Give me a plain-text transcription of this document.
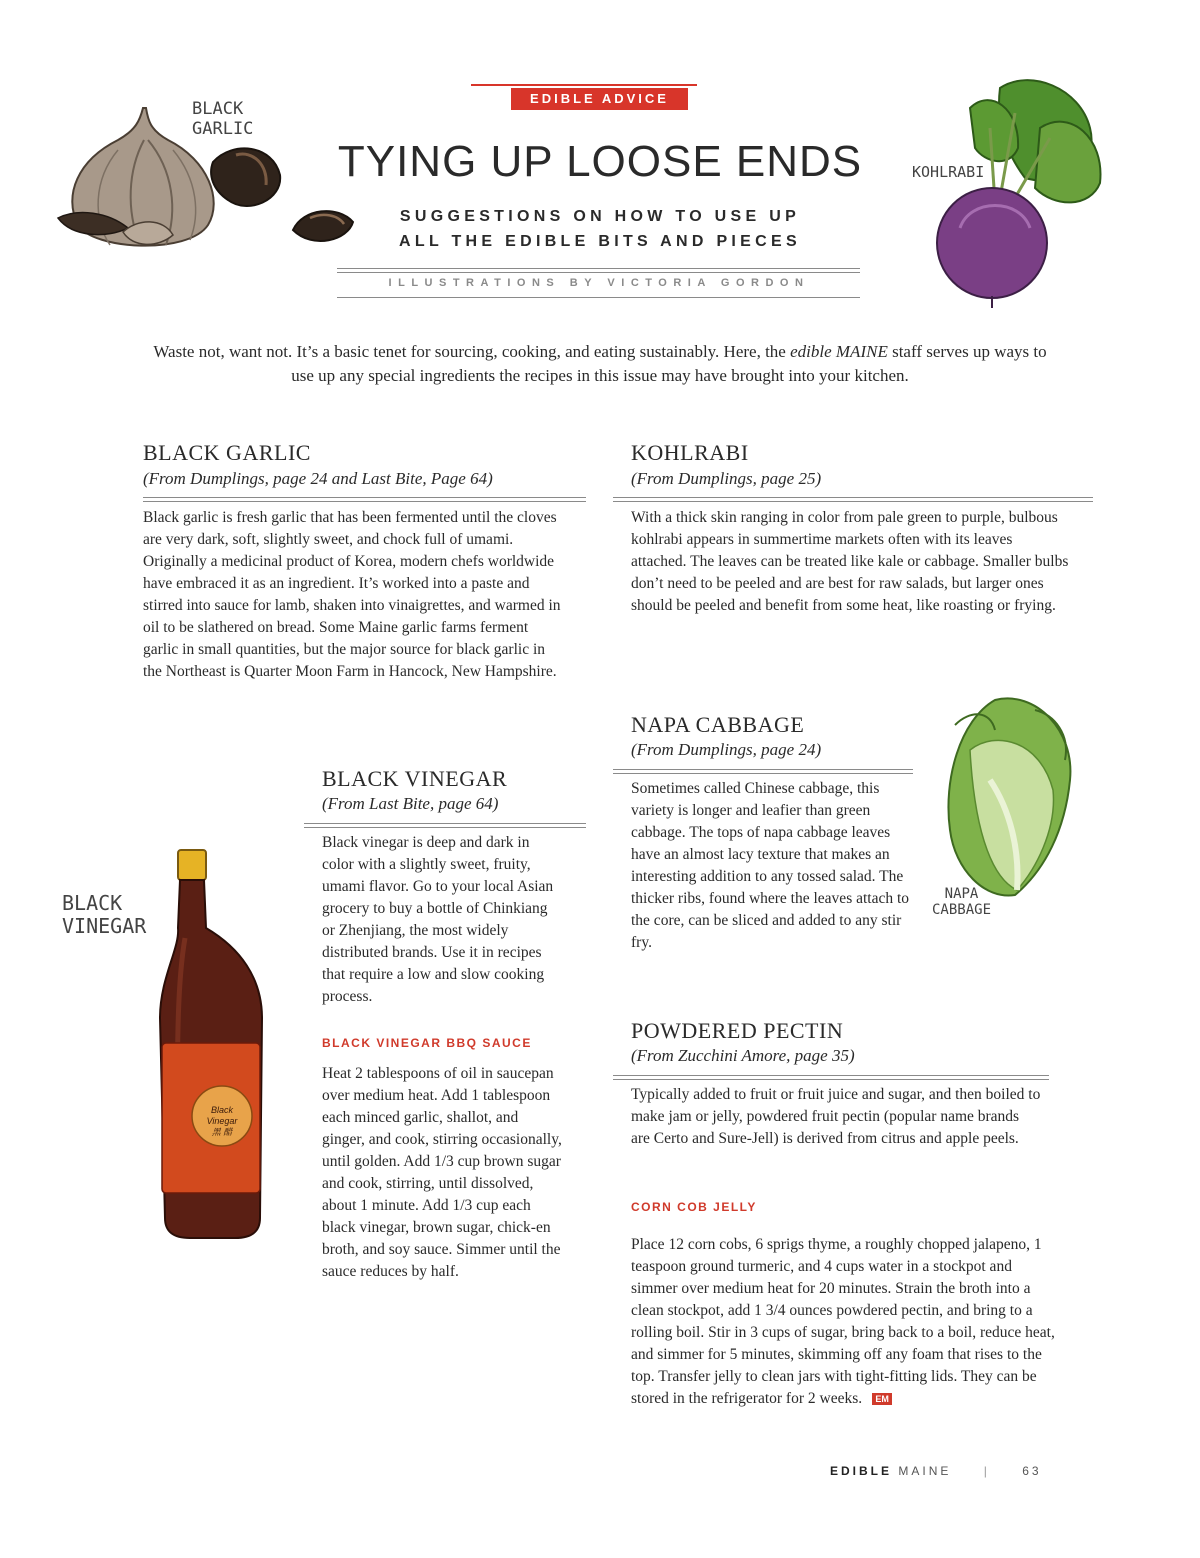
EDIBLE ADVICE
TYING UP LOOSE ENDS
SUGGESTIONS ON HOW TO USE UP
ALL THE EDIBLE BITS AND PIECES
ILLUSTRATIONS BY VICTORIA GORDON
BLACK
GARLIC
KOHLRABI
Waste not, want not. It’s a basic tenet for sourcing, cooking, and eating sustainably. Here, the edible MAINE staff serves up ways to use up any special ingredients the recipes in this issue may have brought into your kitchen.
BLACK GARLIC
(From Dumplings, page 24 and Last Bite, Page 64)
Black garlic is fresh garlic that has been fermented until the cloves are very dark, soft, slightly sweet, and chock full of umami. Originally a medicinal product of Korea, modern chefs worldwide have embraced it as an ingredient. It’s worked into a paste and stirred into sauce for lamb, shaken into vinaigrettes, and warmed in oil to be slathered on bread. Some Maine garlic farms ferment garlic in small quantities, but the major source for black garlic in the Northeast is Quarter Moon Farm in Hancock, New Hampshire.
KOHLRABI
(From Dumplings, page 25)
With a thick skin ranging in color from pale green to purple, bulbous kohlrabi appears in summertime markets often with its leaves attached. The leaves can be treated like kale or cabbage. Smaller bulbs don’t need to be peeled and are best for raw salads, but larger ones should be peeled and benefit from some heat, like roasting or frying.
NAPA CABBAGE
(From Dumplings, page 24)
Sometimes called Chinese cabbage, this variety is longer and leafier than green cabbage. The tops of napa cabbage leaves have an almost lacy texture that makes an interesting addition to any tossed salad. The thicker ribs, found where the leaves attach to the core, can be sliced and added to any stir fry.
NAPA
CABBAGE
BLACK VINEGAR
(From Last Bite, page 64)
Black vinegar is deep and dark in color with a slightly sweet, fruity, umami flavor. Go to your local Asian grocery to buy a bottle of Chinkiang or Zhenjiang, the most widely distributed brands. Use it in recipes that require a low and slow cooking process.
BLACK VINEGAR BBQ SAUCE
Heat 2 tablespoons of oil in saucepan over medium heat. Add 1 tablespoon each minced garlic, shallot, and ginger, and cook, stirring occasionally, until golden. Add 1/3 cup brown sugar and cook, stirring, until dissolved, about 1 minute. Add 1/3 cup each black vinegar, brown sugar, chick-en broth, and soy sauce. Simmer until the sauce reduces by half.
BLACK
VINEGAR
Black Vinegar
黑 醋
POWDERED PECTIN
(From Zucchini Amore, page 35)
Typically added to fruit or fruit juice and sugar, and then boiled to make jam or jelly, powdered fruit pectin (popular name brands are Certo and Sure-Jell) is derived from citrus and apple peels.
CORN COB JELLY
Place 12 corn cobs, 6 sprigs thyme, a roughly chopped jalapeno, 1 teaspoon ground turmeric, and 4 cups water in a stockpot and simmer over medium heat for 20 minutes. Strain the broth into a clean stockpot, add 1 3/4 ounces powdered pectin, and bring to a rolling boil. Stir in 3 cups of sugar, bring back to a boil, reduce heat, and simmer for 5 minutes, skimming off any foam that rises to the top. Transfer jelly to clean jars with tight-fitting lids. They can be stored in the refrigerator for 2 weeks. EM
EDIBLE MAINE	|	63
